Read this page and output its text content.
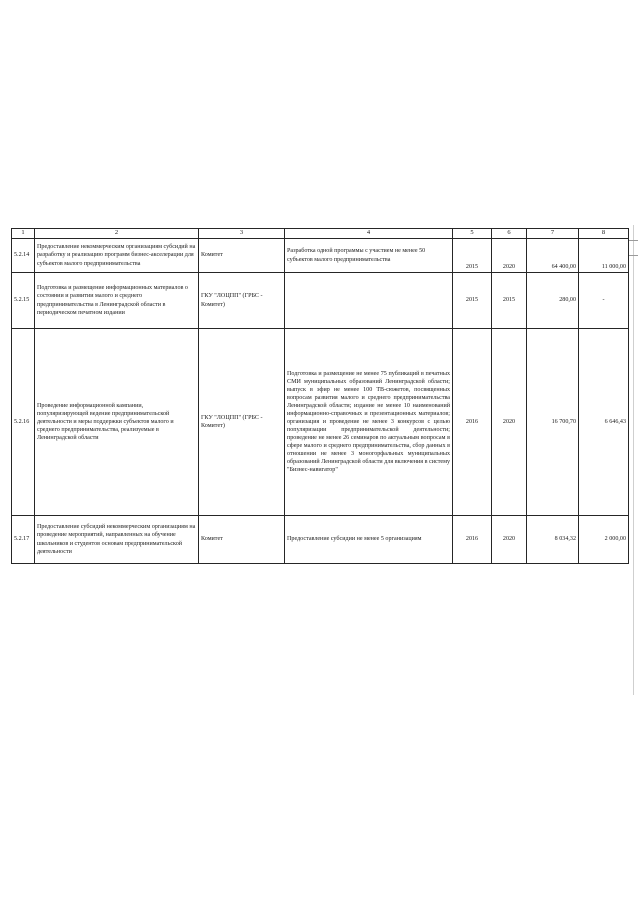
1	2	3	4	5	6	7	8
5.2.14	Предоставление некоммерческим организациям субсидий на разработку и реализацию программ бизнес-акселерации для субъектов малого предпринимательства	Комитет	Разработка одной программы с участием не менее 50 субъектов малого предпринимательства	2015	2020	64 400,00	11 000,00
5.2.15	Подготовка и размещение информационных материалов о состоянии и развитии малого и среднего предпринимательства в Ленинградской области в периодическом печатном издании	ГКУ "ЛОЦПП" (ГРБС - Комитет)		2015	2015	280,00	-
5.2.16	Проведение информационной кампании, популяризирующей ведение предпринимательской деятельности и меры поддержки субъектов малого и среднего предпринимательства, реализуемые в Ленинградской области	ГКУ "ЛОЦПП" (ГРБС - Комитет)	Подготовка и размещение не менее 75 публикаций в печатных СМИ муниципальных образований Ленинградской области; выпуск в эфир не менее 100 ТВ-сюжетов, посвященных вопросам развития малого и среднего предпринимательства Ленинградской области; издание не менее 10 наименований информационно-справочных и презентационных материалов; организация и проведение не менее 3 конкурсов с целью популяризации предпринимательской деятельности; проведение не менее 26 семинаров по актуальным вопросам в сфере малого и среднего предпринимательства, сбор данных в отношении не менее 3 моногорфальных муниципальных образований Ленинградской области для включения в систему "Бизнес-навигатор"	2016	2020	16 700,70	6 646,43
5.2.17	Предоставление субсидий некоммерческим организациям на проведение мероприятий, направленных на обучение школьников и студентов основам предпринимательской деятельности	Комитет	Предоставление субсидии не менее 5 организациям	2016	2020	8 034,32	2 000,00
